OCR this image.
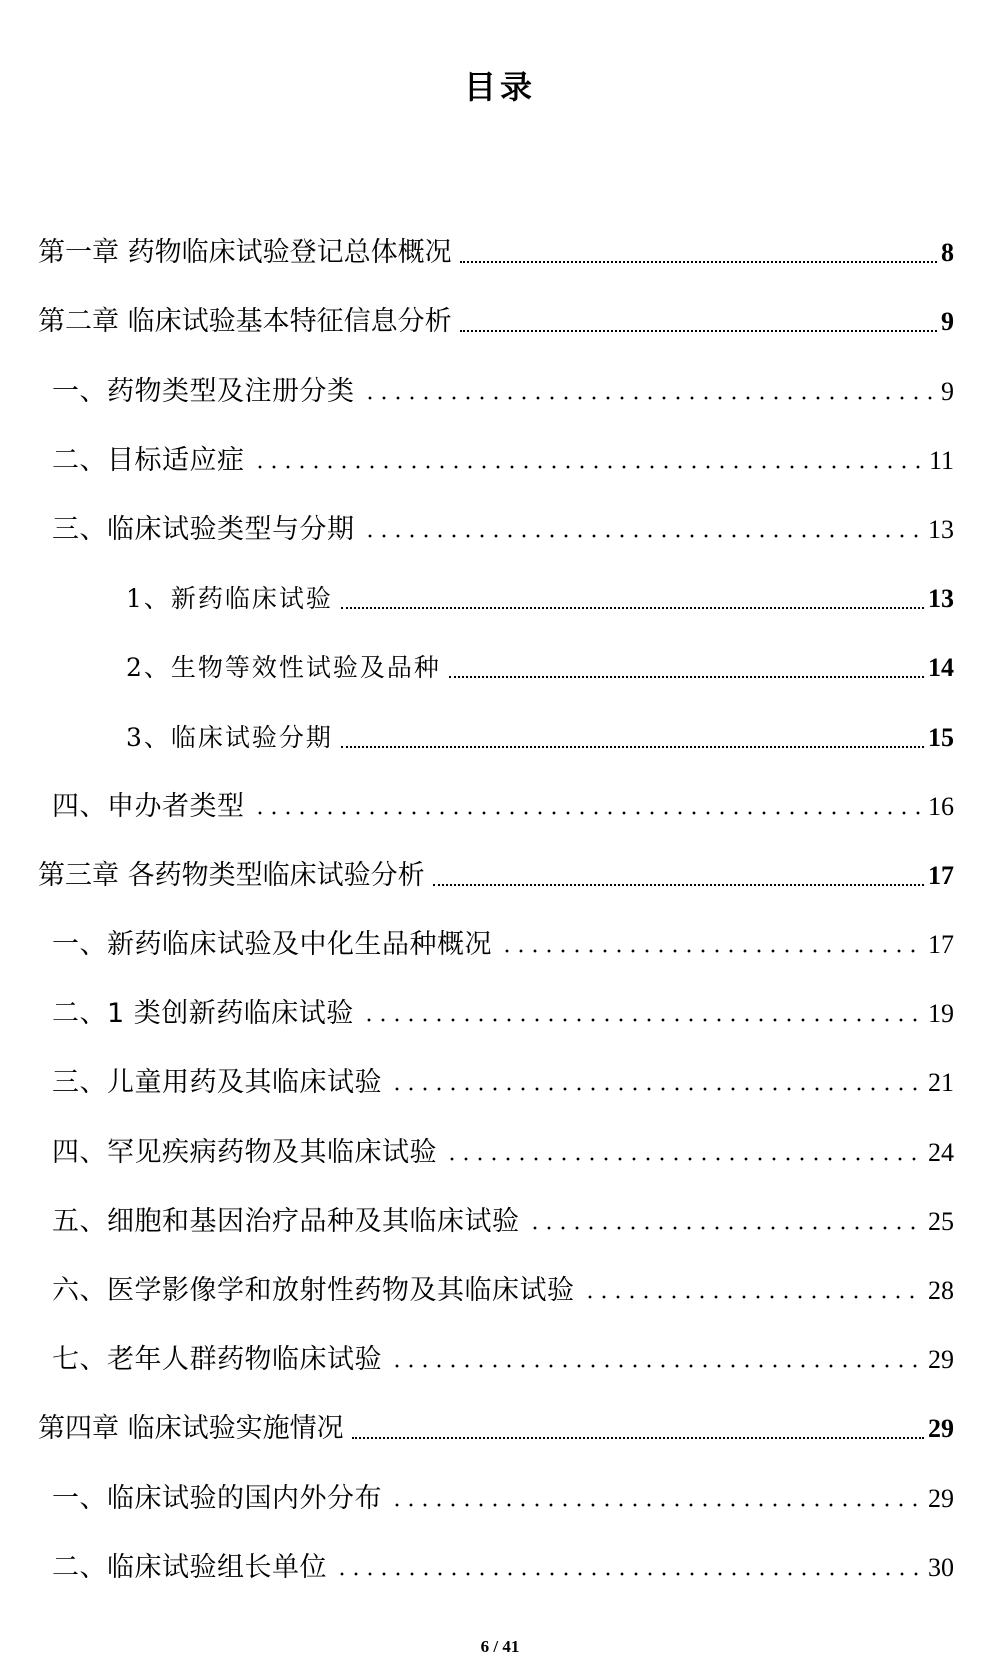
目录
第一章 药物临床试验登记总体概况	8
第二章 临床试验基本特征信息分析	9
一、药物类型及注册分类	9
二、目标适应症	11
三、临床试验类型与分期	13
1、新药临床试验	13
2、生物等效性试验及品种	14
3、临床试验分期	15
四、申办者类型	16
第三章 各药物类型临床试验分析	17
一、新药临床试验及中化生品种概况	17
二、1 类创新药临床试验	19
三、儿童用药及其临床试验	21
四、罕见疾病药物及其临床试验	24
五、细胞和基因治疗品种及其临床试验	25
六、医学影像学和放射性药物及其临床试验	28
七、老年人群药物临床试验	29
第四章 临床试验实施情况	29
一、临床试验的国内外分布	29
二、临床试验组长单位	30
6 / 41
